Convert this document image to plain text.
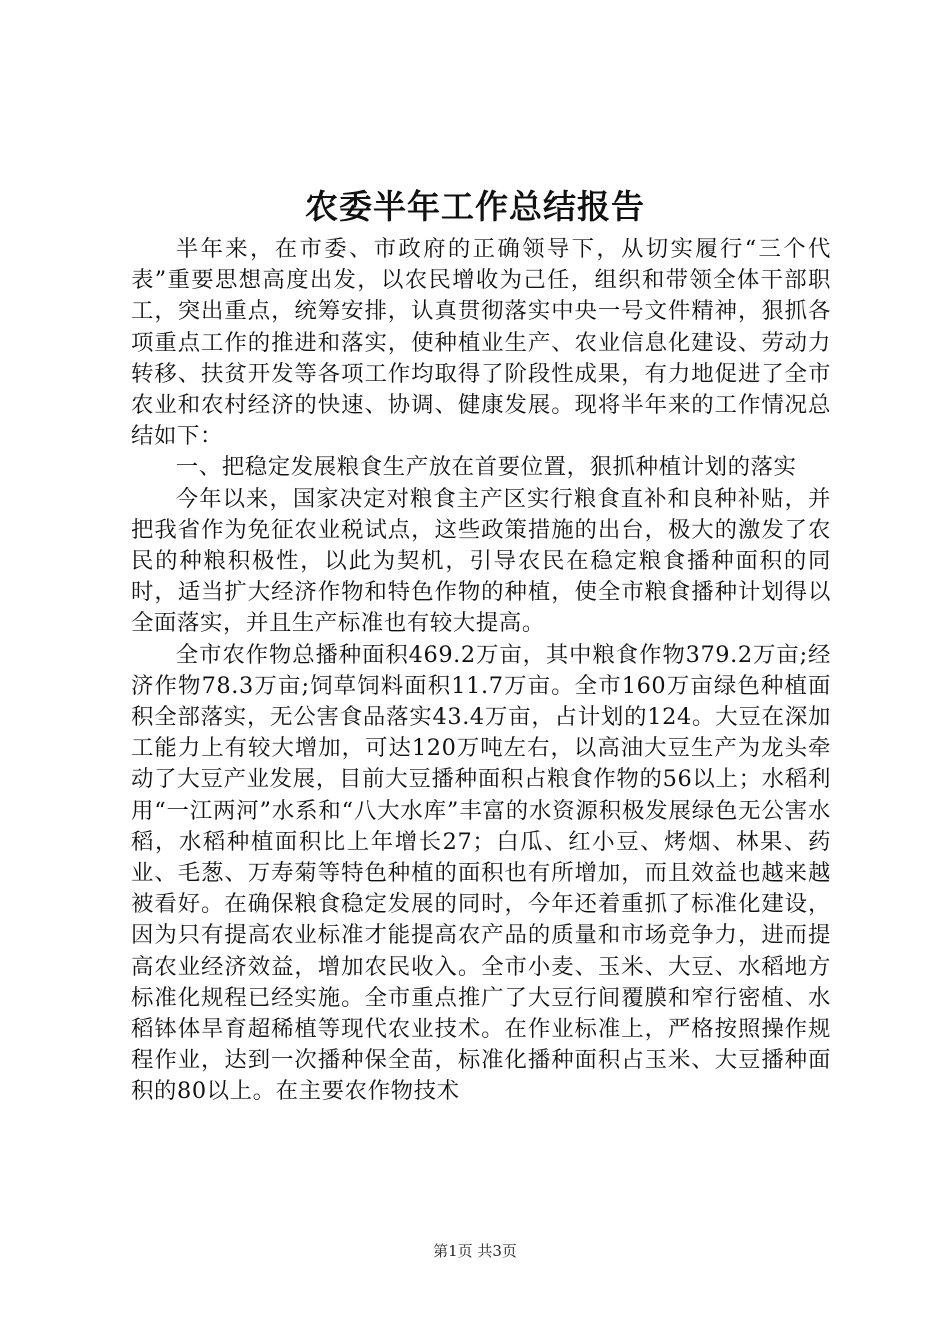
农委半年工作总结报告

半年来，在市委、市政府的正确领导下，从切实履行“三个代表”重要思想高度出发，以农民增收为己任，组织和带领全体干部职工，突出重点，统筹安排，认真贯彻落实中央一号文件精神，狠抓各项重点工作的推进和落实，使种植业生产、农业信息化建设、劳动力转移、扶贫开发等各项工作均取得了阶段性成果，有力地促进了全市农业和农村经济的快速、协调、健康发展。现将半年来的工作情况总结如下：

一、把稳定发展粮食生产放在首要位置，狠抓种植计划的落实

今年以来，国家决定对粮食主产区实行粮食直补和良种补贴，并把我省作为免征农业税试点，这些政策措施的出台，极大的激发了农民的种粮积极性，以此为契机，引导农民在稳定粮食播种面积的同时，适当扩大经济作物和特色作物的种植，使全市粮食播种计划得以全面落实，并且生产标准也有较大提高。

全市农作物总播种面积469.2万亩，其中粮食作物379.2万亩;经济作物78.3万亩;饲草饲料面积11.7万亩。全市160万亩绿色种植面积全部落实，无公害食品落实43.4万亩，占计划的124。大豆在深加工能力上有较大增加，可达120万吨左右，以高油大豆生产为龙头牵动了大豆产业发展，目前大豆播种面积占粮食作物的56以上；水稻利用“一江两河”水系和“八大水库”丰富的水资源积极发展绿色无公害水稻，水稻种植面积比上年增长27；白瓜、红小豆、烤烟、林果、药业、毛葱、万寿菊等特色种植的面积也有所增加，而且效益也越来越被看好。在确保粮食稳定发展的同时，今年还着重抓了标准化建设，因为只有提高农业标准才能提高农产品的质量和市场竞争力，进而提高农业经济效益，增加农民收入。全市小麦、玉米、大豆、水稻地方标准化规程已经实施。全市重点推广了大豆行间覆膜和窄行密植、水稻钵体旱育超稀植等现代农业技术。在作业标准上，严格按照操作规程作业，达到一次播种保全苗，标准化播种面积占玉米、大豆播种面积的80以上。在主要农作物技术

第1页 共3页
